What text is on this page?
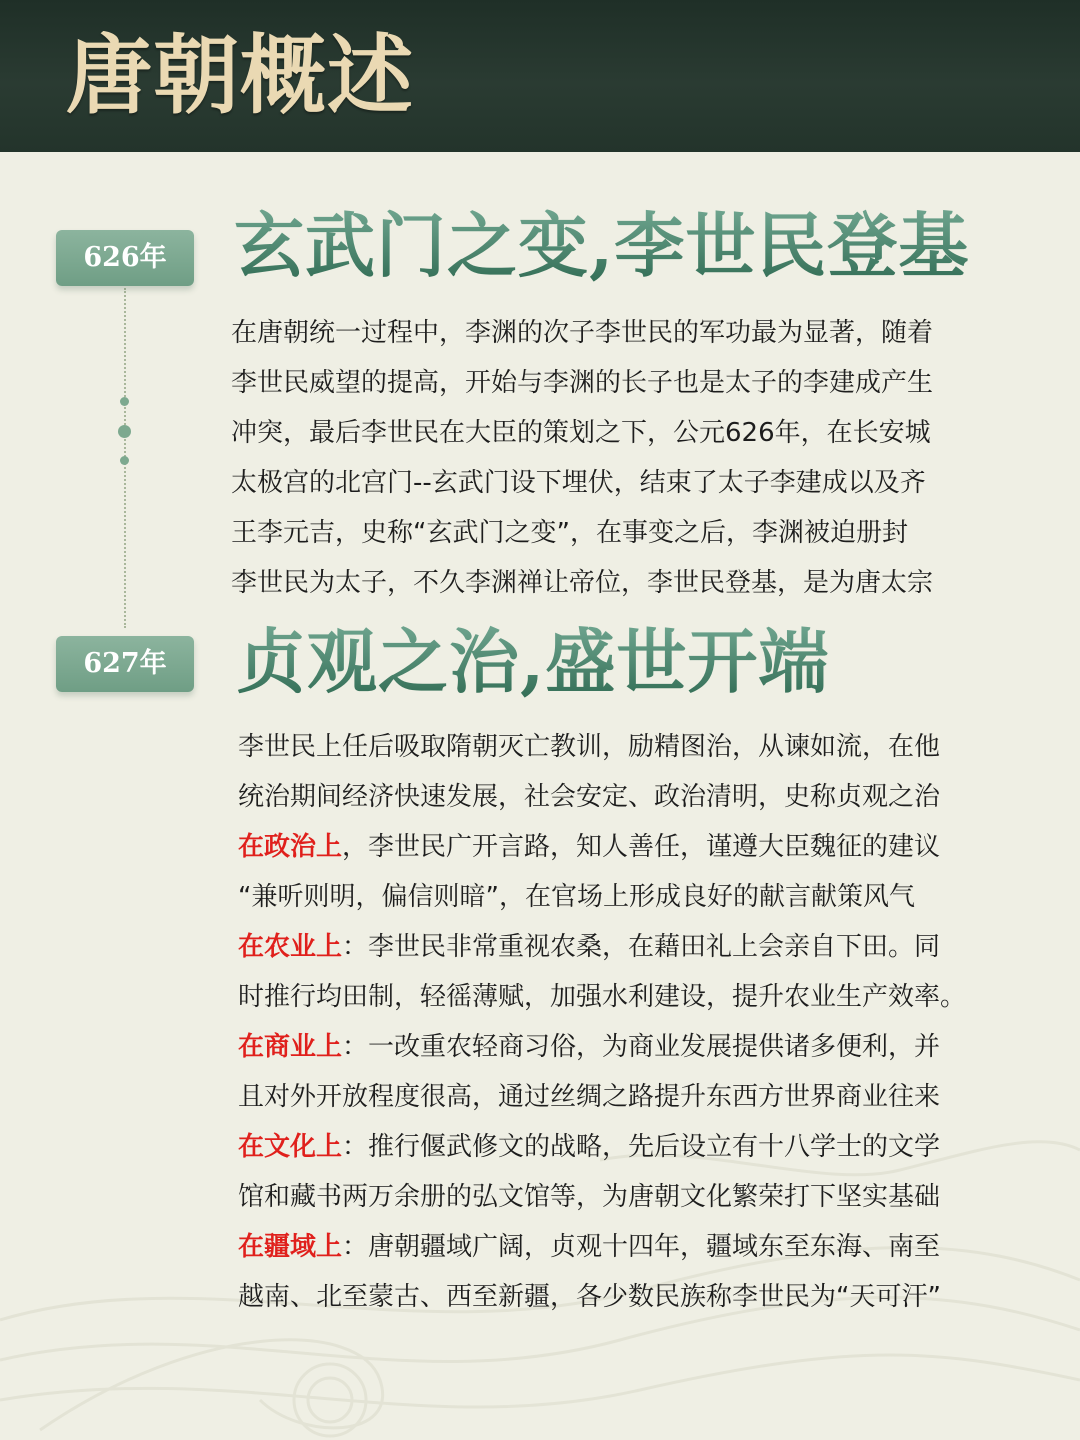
唐朝概述
626年 玄武门之变,李世民登基
在唐朝统一过程中，李渊的次子李世民的军功最为显著，随着
李世民威望的提高，开始与李渊的长子也是太子的李建成产生
冲突，最后李世民在大臣的策划之下，公元626年，在长安城
太极宫的北宫门--玄武门设下埋伏，结束了太子李建成以及齐
王李元吉，史称“玄武门之变”，在事变之后，李渊被迫册封
李世民为太子，不久李渊禅让帝位，李世民登基，是为唐太宗
627年 贞观之治,盛世开端
李世民上任后吸取隋朝灭亡教训，励精图治，从谏如流，在他
统治期间经济快速发展，社会安定、政治清明，史称贞观之治
在政治上，李世民广开言路，知人善任，谨遵大臣魏征的建议
“兼听则明，偏信则暗”，在官场上形成良好的献言献策风气
在农业上：李世民非常重视农桑，在藉田礼上会亲自下田。同
时推行均田制，轻徭薄赋，加强水利建设，提升农业生产效率。
在商业上：一改重农轻商习俗，为商业发展提供诸多便利，并
且对外开放程度很高，通过丝绸之路提升东西方世界商业往来
在文化上：推行偃武修文的战略，先后设立有十八学士的文学
馆和藏书两万余册的弘文馆等，为唐朝文化繁荣打下坚实基础
在疆域上：唐朝疆域广阔，贞观十四年，疆域东至东海、南至
越南、北至蒙古、西至新疆，各少数民族称李世民为“天可汗”
